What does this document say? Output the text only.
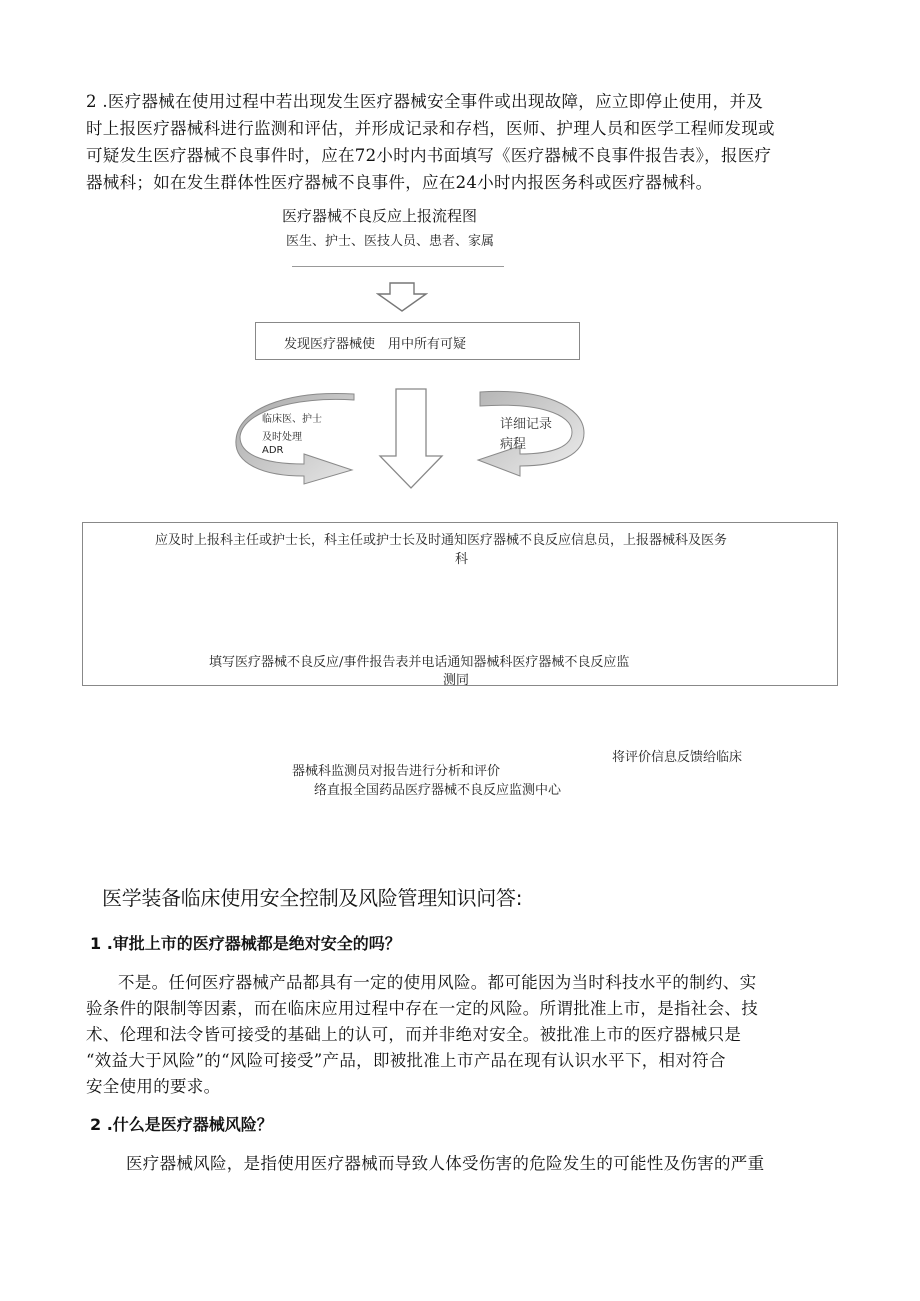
2 .医疗器械在使用过程中若出现发生医疗器械安全事件或出现故障，应立即停止使用，并及
时上报医疗器械科进行监测和评估，并形成记录和存档，医师、护理人员和医学工程师发现或
可疑发生医疗器械不良事件时，应在72小时内书面填写《医疗器械不良事件报告表》，报医疗
器械科；如在发生群体性医疗器械不良事件，应在24小时内报医务科或医疗器械科。
医疗器械不良反应上报流程图
医生、护士、医技人员、患者、家属
发现医疗器械使　用中所有可疑
临床医、护士
及时处理
ADR
详细记录
病程
应及时上报科主任或护士长，科主任或护士长及时通知医疗器械不良反应信息员，上报器械科及医务
科
填写医疗器械不良反应/事件报告表并电话通知器械科医疗器械不良反应监
测同
将评价信息反馈给临床
器械科监测员对报告进行分析和评价
络直报全国药品医疗器械不良反应监测中心
医学装备临床使用安全控制及风险管理知识问答:
1 .审批上市的医疗器械都是绝对安全的吗？
不是。任何医疗器械产品都具有一定的使用风险。都可能因为当时科技水平的制约、实
验条件的限制等因素，而在临床应用过程中存在一定的风险。所谓批准上市，是指社会、技
术、伦理和法令皆可接受的基础上的认可，而并非绝对安全。被批准上市的医疗器械只是
“效益大于风险”的“风险可接受”产品，即被批准上市产品在现有认识水平下，相对符合
安全使用的要求。
2 .什么是医疗器械风险？
医疗器械风险，是指使用医疗器械而导致人体受伤害的危险发生的可能性及伤害的严重
